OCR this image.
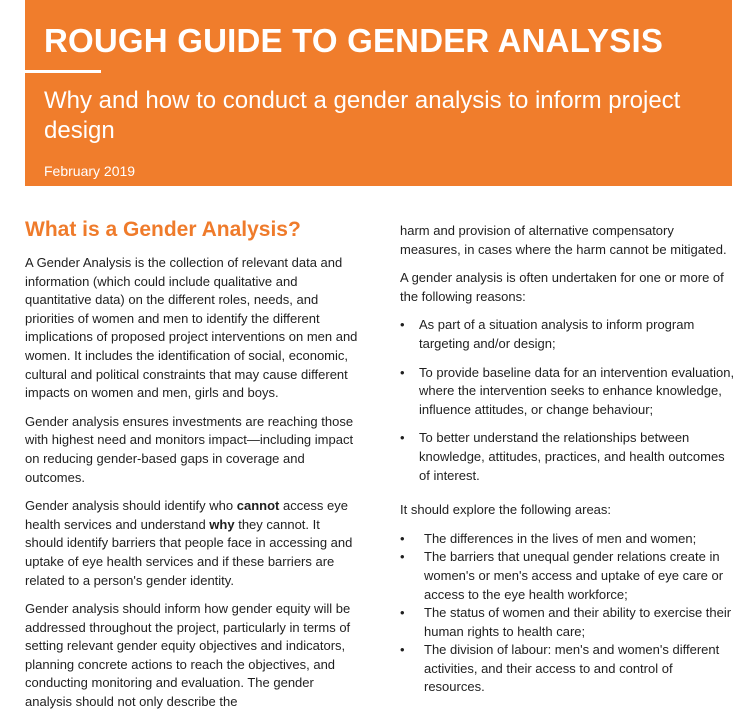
ROUGH GUIDE TO GENDER ANALYSIS
Why and how to conduct a gender analysis to inform project design
February 2019
What is a Gender Analysis?

A Gender Analysis is the collection of relevant data and information (which could include qualitative and quantitative data) on the different roles, needs, and priorities of women and men to identify the different implications of proposed project interventions on men and women. It includes the identification of social, economic, cultural and political constraints that may cause different impacts on women and men, girls and boys.

Gender analysis ensures investments are reaching those with highest need and monitors impact—including impact on reducing gender-based gaps in coverage and outcomes.

Gender analysis should identify who cannot access eye health services and understand why they cannot. It should identify barriers that people face in accessing and uptake of eye health services and if these barriers are related to a person's gender identity.

Gender analysis should inform how gender equity will be addressed throughout the project, particularly in terms of setting relevant gender equity objectives and indicators, planning concrete actions to reach the objectives, and conducting monitoring and evaluation. The gender analysis should not only describe the

harm and provision of alternative compensatory measures, in cases where the harm cannot be mitigated.

A gender analysis is often undertaken for one or more of the following reasons:

• As part of a situation analysis to inform program targeting and/or design;
• To provide baseline data for an intervention evaluation, where the intervention seeks to enhance knowledge, influence attitudes, or change behaviour;
• To better understand the relationships between knowledge, attitudes, practices, and health outcomes of interest.

It should explore the following areas:

• The differences in the lives of men and women;
• The barriers that unequal gender relations create in women's or men's access and uptake of eye care or access to the eye health workforce;
• The status of women and their ability to exercise their human rights to health care;
• The division of labour: men's and women's different activities, and their access to and control of resources.
